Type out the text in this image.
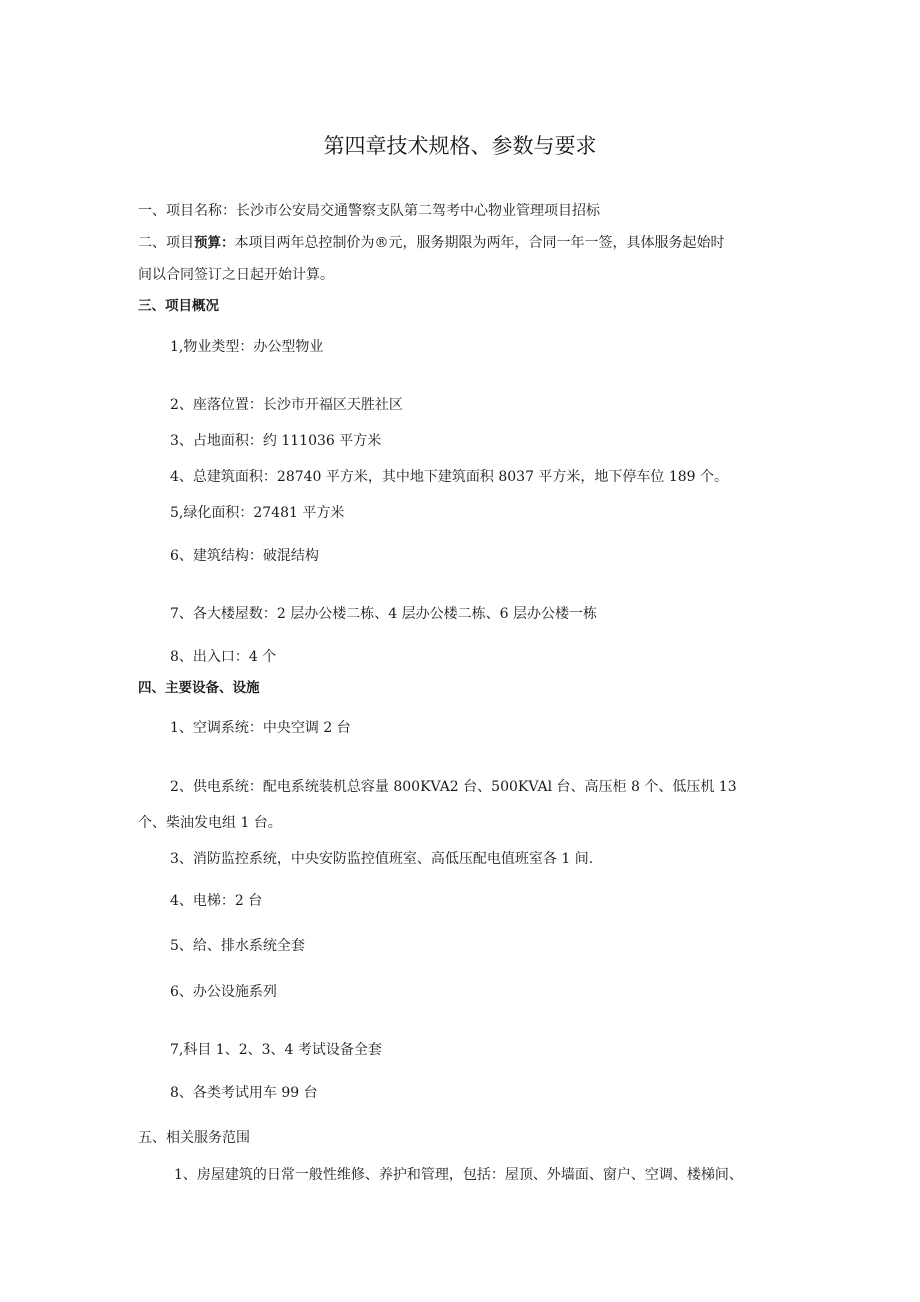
第四章技术规格、参数与要求
一、项目名称：长沙市公安局交通警察支队第二驾考中心物业管理项目招标
二、项目预算：本项目两年总控制价为®元，服务期限为两年，合同一年一签，具体服务起始时
间以合同签订之日起开始计算。
三、项目概况
1,物业类型：办公型物业
2、座落位置：长沙市开福区天胜社区
3、占地面积：约 111036 平方米
4、总建筑面积：28740 平方米，其中地下建筑面积 8037 平方米，地下停车位 189 个。
5,绿化面积：27481 平方米
6、建筑结构：破混结构
7、各大楼屋数：2 层办公楼二栋、4 层办公楼二栋、6 层办公楼一栋
8、出入口：4 个
四、主要设备、设施
1、空调系统：中央空调 2 台
2、供电系统：配电系统装机总容量 800KVA2 台、500KVAl 台、高压柜 8 个、低压机 13
个、柴油发电组 1 台。
3、消防监控系统，中央安防监控值班室、高低压配电值班室各 1 间.
4、电梯：2 台
5、给、排水系统全套
6、办公设施系列
7,科目 1、2、3、4 考试设备全套
8、各类考试用车 99 台
五、相关服务范围
1、房屋建筑的日常一般性维修、养护和管理，包括：屋顶、外墙面、窗户、空调、楼梯间、
